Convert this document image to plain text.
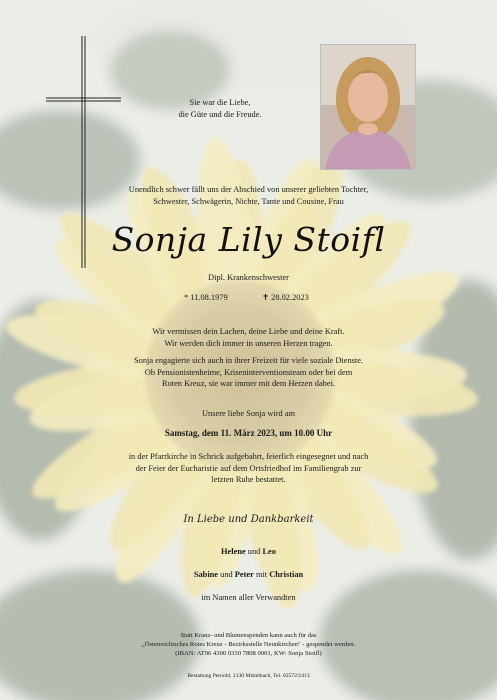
Sie war die Liebe,
die Güte und die Freude.
Unendlich schwer fällt uns der Abschied von unserer geliebten Tochter,
Schwester, Schwägerin, Nichte, Tante und Cousine, Frau
Sonja Lily Stoifl
Dipl. Krankenschwester
* 11.08.1979	✝ 28.02.2023
Wir vermissen dein Lachen, deine Liebe und deine Kraft.
Wir werden dich immer in unseren Herzen tragen.
Sonja engagierte sich auch in ihrer Freizeit für viele soziale Dienste.
Ob Pensionistenheime, Kriseninterventionsteam oder bei dem
Roten Kreuz, sie war immer mit dem Herzen dabei.
Unsere liebe Sonja wird am
Samstag, dem 11. März 2023, um 10.00 Uhr
in der Pfarrkirche in Schrick aufgebahrt, feierlich eingesegnet und nach
der Feier der Eucharistie auf dem Ortsfriedhof im Familiengrab zur
letzten Ruhe bestattet.
In Liebe und Dankbarkeit
Helene und Leo
Sabine und Peter mit Christian
im Namen aller Verwandten
Statt Kranz- und Blumenspenden kann auch für das
„Österreichisches Rotes Kreuz - Bezirksstelle Neunkirchen" - gespendet werden.
(IBAN: AT96 4300 0330 7808 0001, KW: Sonja Stoifl)
Bestattung Pernold, 2130 Mistelbach, Tel. 02572/2413
